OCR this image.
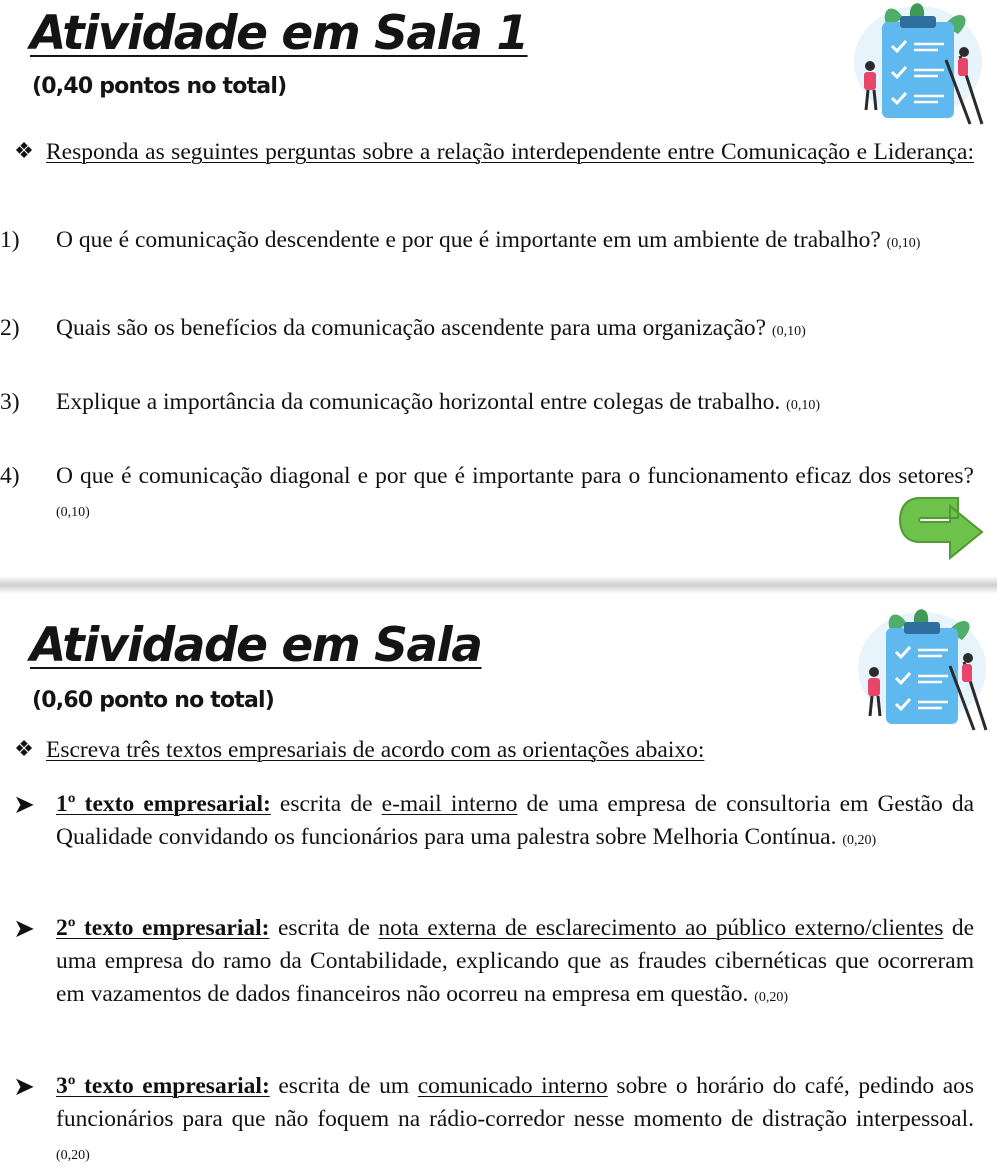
Atividade em Sala 1
(0,40 pontos no total)
❖ Responda as seguintes perguntas sobre a relação interdependente entre Comunicação e Liderança:
1)	O que é comunicação descendente e por que é importante em um ambiente de trabalho? (0,10)
2)	Quais são os benefícios da comunicação ascendente para uma organização? (0,10)
3)	Explique a importância da comunicação horizontal entre colegas de trabalho. (0,10)
4)	O que é comunicação diagonal e por que é importante para o funcionamento eficaz dos setores? (0,10)
Atividade em Sala
(0,60 ponto no total)
❖ Escreva três textos empresariais de acordo com as orientações abaixo:
➤ 1º texto empresarial: escrita de e-mail interno de uma empresa de consultoria em Gestão da Qualidade convidando os funcionários para uma palestra sobre Melhoria Contínua. (0,20)
➤ 2º texto empresarial: escrita de nota externa de esclarecimento ao público externo/clientes de uma empresa do ramo da Contabilidade, explicando que as fraudes cibernéticas que ocorreram em vazamentos de dados financeiros não ocorreu na empresa em questão. (0,20)
➤ 3º texto empresarial: escrita de um comunicado interno sobre o horário do café, pedindo aos funcionários para que não foquem na rádio-corredor nesse momento de distração interpessoal. (0,20)
